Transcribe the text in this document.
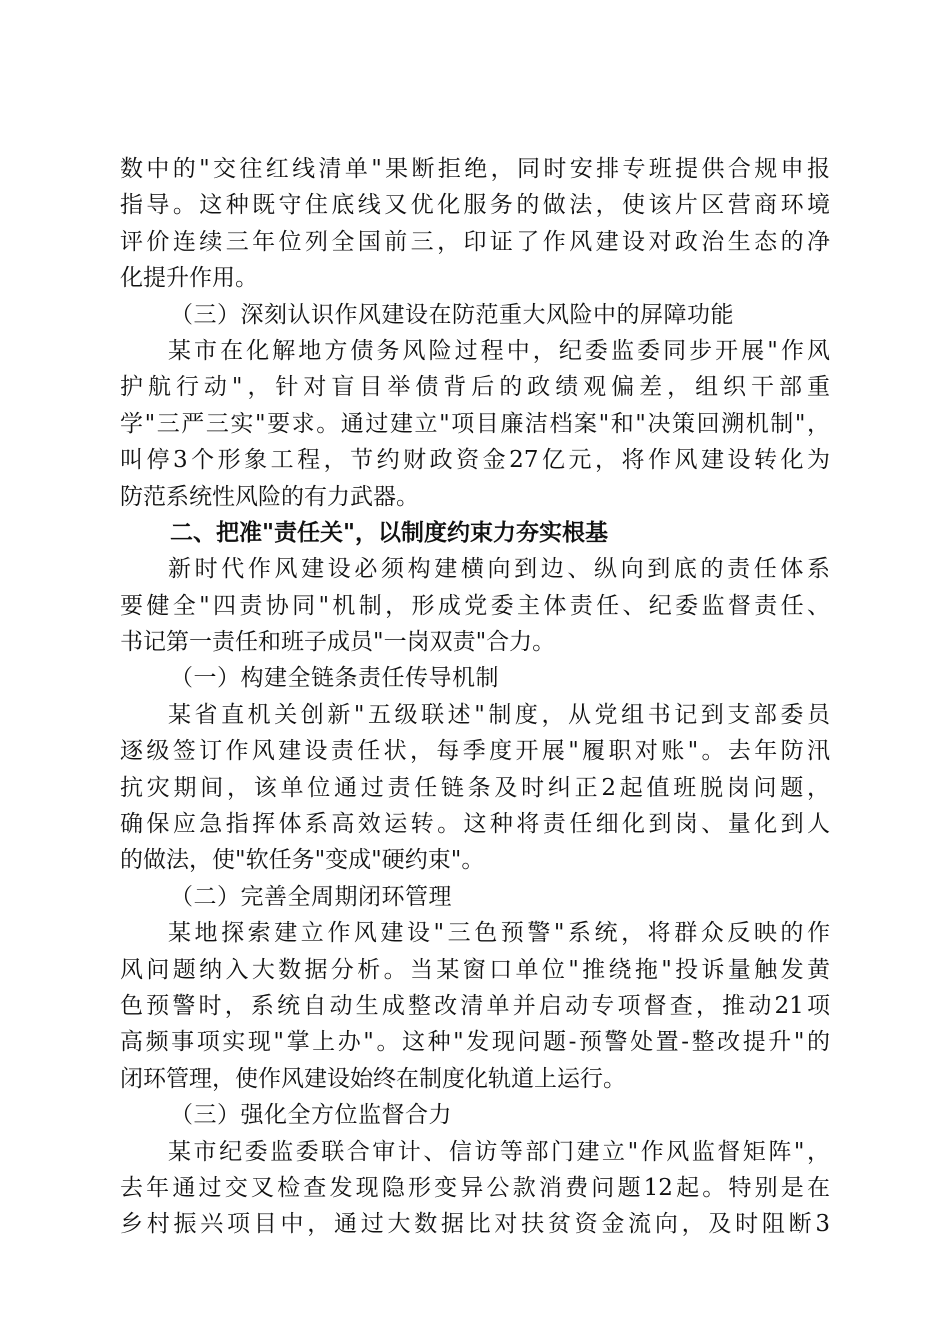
数中的"交往红线清单"果断拒绝，同时安排专班提供合规申报
指导。这种既守住底线又优化服务的做法，使该片区营商环境
评价连续三年位列全国前三，印证了作风建设对政治生态的净
化提升作用。
（三）深刻认识作风建设在防范重大风险中的屏障功能
某市在化解地方债务风险过程中，纪委监委同步开展"作风
护航行动"，针对盲目举债背后的政绩观偏差，组织干部重
学"三严三实"要求。通过建立"项目廉洁档案"和"决策回溯机制"，
叫停3个形象工程，节约财政资金27亿元，将作风建设转化为
防范系统性风险的有力武器。
二、把准"责任关"，以制度约束力夯实根基
新时代作风建设必须构建横向到边、纵向到底的责任体系
要健全"四责协同"机制，形成党委主体责任、纪委监督责任、
书记第一责任和班子成员"一岗双责"合力。
（一）构建全链条责任传导机制
某省直机关创新"五级联述"制度，从党组书记到支部委员
逐级签订作风建设责任状，每季度开展"履职对账"。去年防汛
抗灾期间，该单位通过责任链条及时纠正2起值班脱岗问题，
确保应急指挥体系高效运转。这种将责任细化到岗、量化到人
的做法，使"软任务"变成"硬约束"。
（二）完善全周期闭环管理
某地探索建立作风建设"三色预警"系统，将群众反映的作
风问题纳入大数据分析。当某窗口单位"推绕拖"投诉量触发黄
色预警时，系统自动生成整改清单并启动专项督查，推动21项
高频事项实现"掌上办"。这种"发现问题-预警处置-整改提升"的
闭环管理，使作风建设始终在制度化轨道上运行。
（三）强化全方位监督合力
某市纪委监委联合审计、信访等部门建立"作风监督矩阵"，
去年通过交叉检查发现隐形变异公款消费问题12起。特别是在
乡村振兴项目中，通过大数据比对扶贫资金流向，及时阻断3
